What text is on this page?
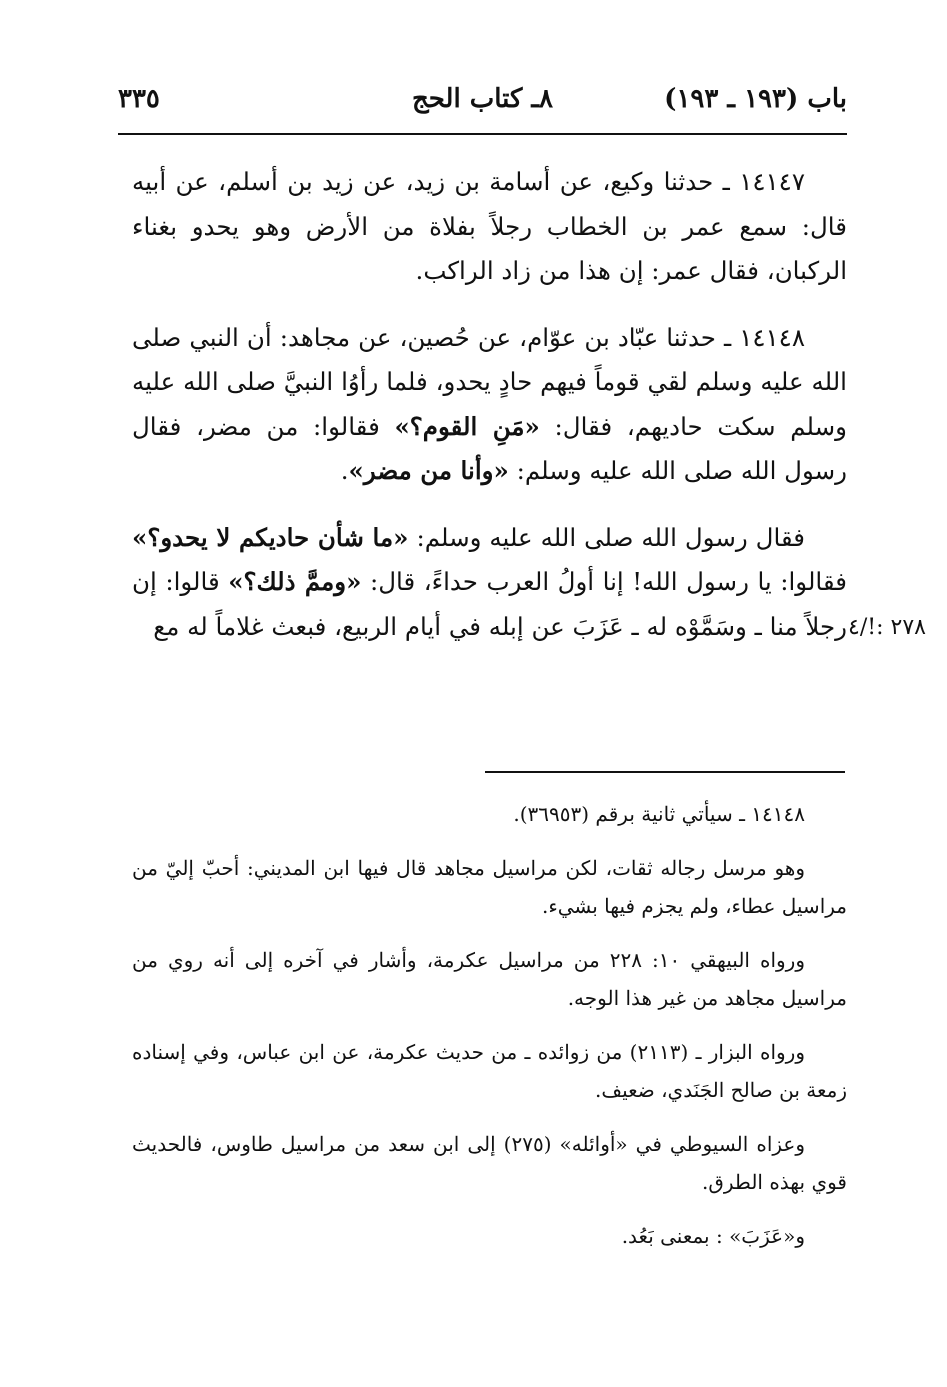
باب (١٩٣ ـ ١٩٣)
٨ـ كتاب الحج
٣٣٥

١٤١٤٧ ـ حدثنا وكيع، عن أسامة بن زيد، عن زيد بن أسلم، عن أبيه قال: سمع عمر بن الخطاب رجلاً بفلاة من الأرض وهو يحدو بغناء الركبان، فقال عمر: إن هذا من زاد الراكب.

١٤١٤٨ ـ حدثنا عبّاد بن عوّام، عن حُصين، عن مجاهد: أن النبي صلى الله عليه وسلم لقي قوماً فيهم حادٍ يحدو، فلما رأوُا النبيَّ صلى الله عليه وسلم سكت حاديهم، فقال: «مَنِ القوم؟» فقالوا: من مضر، فقال رسول الله صلى الله عليه وسلم: «وأنا من مضر».

فقال رسول الله صلى الله عليه وسلم: «ما شأن حاديكم لا يحدو؟» فقالوا: يا رسول الله! إنا أولُ العرب حداءً، قال: «وممَّ ذلك؟» قالوا: إن رجلاً منا ـ وسَمَّوْه له ـ عَزَبَ عن إبله في أيام الربيع، فبعث غلاماً له مع ٢٧٨ :!/٤

١٤١٤٨ ـ سيأتي ثانية برقم (٣٦٩٥٣).

وهو مرسل رجاله ثقات، لكن مراسيل مجاهد قال فيها ابن المديني: أحبّ إليّ من مراسيل عطاء، ولم يجزم فيها بشيء.

ورواه البيهقي ١٠: ٢٢٨ من مراسيل عكرمة، وأشار في آخره إلى أنه روي من مراسيل مجاهد من غير هذا الوجه.

ورواه البزار ـ (٢١١٣) من زوائده ـ من حديث عكرمة، عن ابن عباس، وفي إسناده زمعة بن صالح الجَنَدي، ضعيف.

وعزاه السيوطي في «أوائله» (٢٧٥) إلى ابن سعد من مراسيل طاوس، فالحديث قوي بهذه الطرق.

و«عَزَبَ» : بمعنى بَعُد.
